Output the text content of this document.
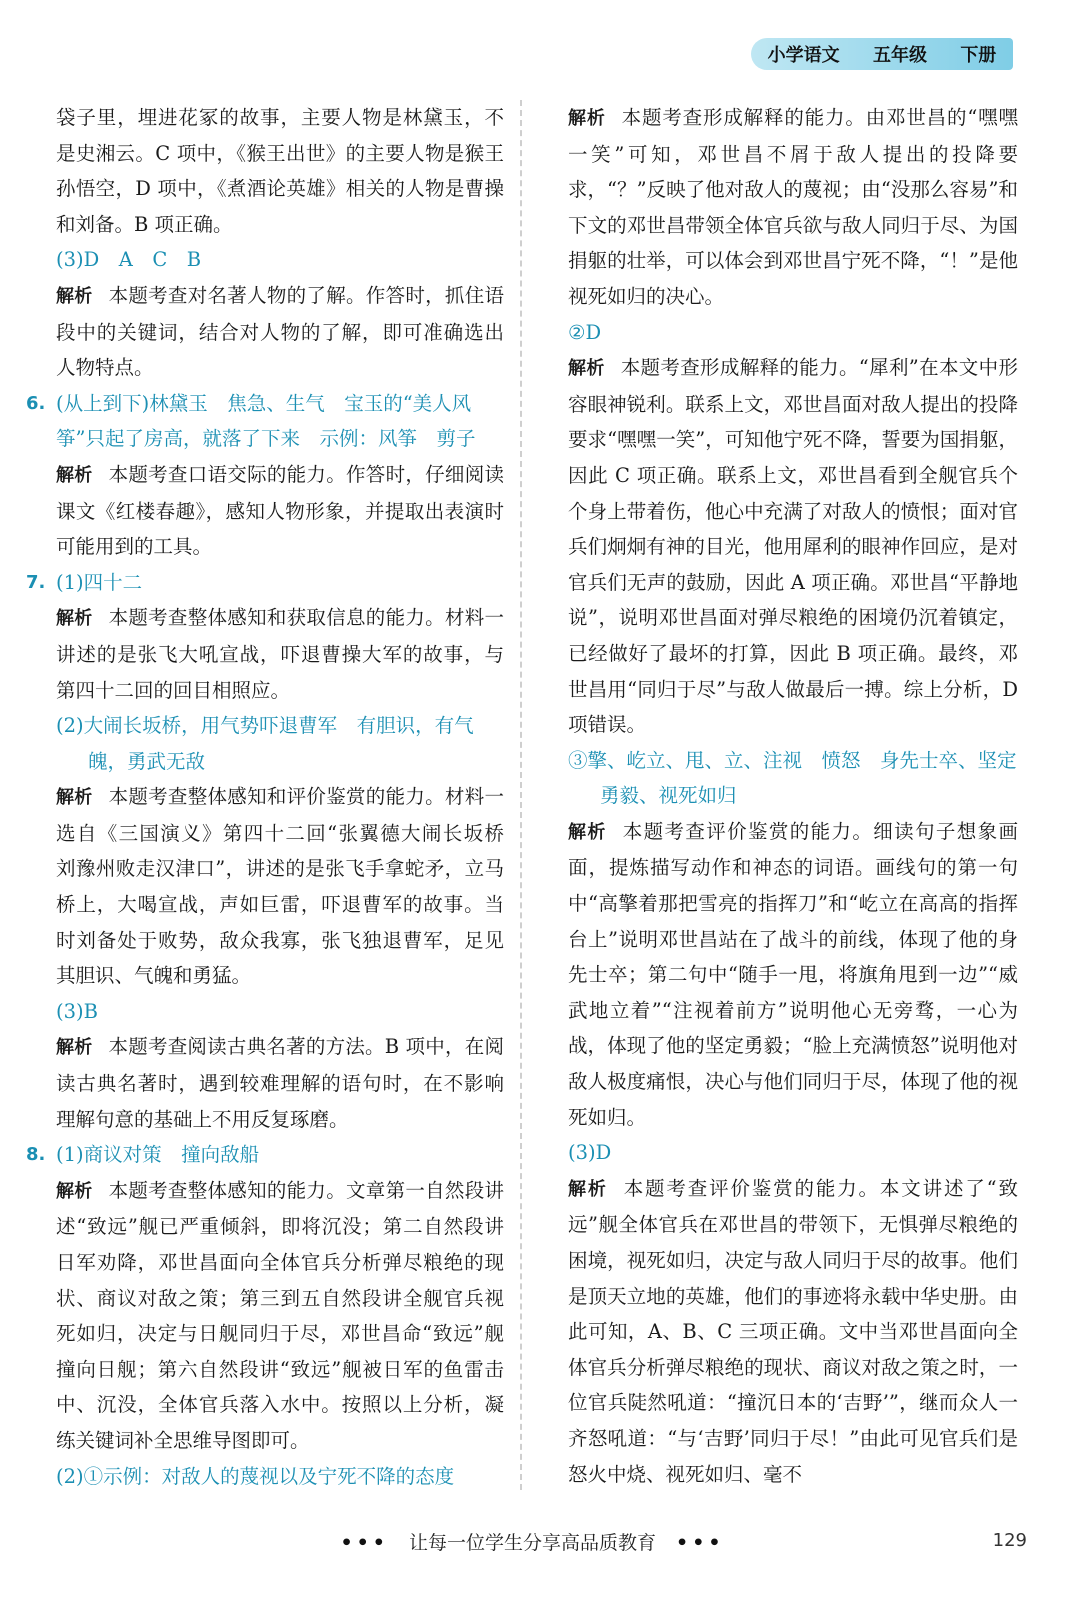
小学语文 五年级 下册
袋子里，埋进花冢的故事，主要人物是林黛玉，不是史湘云。C 项中，《猴王出世》的主要人物是猴王孙悟空，D 项中，《煮酒论英雄》相关的人物是曹操和刘备。B 项正确。
(3)D　A　C　B
解析 本题考查对名著人物的了解。作答时，抓住语段中的关键词，结合对人物的了解，即可准确选出人物特点。
6. (从上到下)林黛玉　焦急、生气　宝玉的“美人风筝”只起了房高，就落了下来　示例：风筝　剪子
解析 本题考查口语交际的能力。作答时，仔细阅读课文《红楼春趣》，感知人物形象，并提取出表演时可能用到的工具。
7. (1)四十二
解析 本题考查整体感知和获取信息的能力。材料一讲述的是张飞大吼宣战，吓退曹操大军的故事，与第四十二回的回目相照应。
(2)大闹长坂桥，用气势吓退曹军　有胆识，有气魄，勇武无敌
解析 本题考查整体感知和评价鉴赏的能力。材料一选自《三国演义》第四十二回“张翼德大闹长坂桥　刘豫州败走汉津口”，讲述的是张飞手拿蛇矛，立马桥上，大喝宣战，声如巨雷，吓退曹军的故事。当时刘备处于败势，敌众我寡，张飞独退曹军，足见其胆识、气魄和勇猛。
(3)B
解析 本题考查阅读古典名著的方法。B 项中，在阅读古典名著时，遇到较难理解的语句时，在不影响理解句意的基础上不用反复琢磨。
8. (1)商议对策　撞向敌船
解析 本题考查整体感知的能力。文章第一自然段讲述“致远”舰已严重倾斜，即将沉没；第二自然段讲日军劝降，邓世昌面向全体官兵分析弹尽粮绝的现状、商议对敌之策；第三到五自然段讲全舰官兵视死如归，决定与日舰同归于尽，邓世昌命“致远”舰撞向日舰；第六自然段讲“致远”舰被日军的鱼雷击中、沉没，全体官兵落入水中。按照以上分析，凝练关键词补全思维导图即可。
(2)①示例：对敌人的蔑视以及宁死不降的态度
解析 本题考查形成解释的能力。由邓世昌的“嘿嘿一笑”可知，邓世昌不屑于敌人提出的投降要求，“？”反映了他对敌人的蔑视；由“没那么容易”和下文的邓世昌带领全体官兵欲与敌人同归于尽、为国捐躯的壮举，可以体会到邓世昌宁死不降，“！”是他视死如归的决心。
②D
解析 本题考查形成解释的能力。“犀利”在本文中形容眼神锐利。联系上文，邓世昌面对敌人提出的投降要求“嘿嘿一笑”，可知他宁死不降，誓要为国捐躯，因此 C 项正确。联系上文，邓世昌看到全舰官兵个个身上带着伤，他心中充满了对敌人的愤恨；面对官兵们炯炯有神的目光，他用犀利的眼神作回应，是对官兵们无声的鼓励，因此 A 项正确。邓世昌“平静地说”，说明邓世昌面对弹尽粮绝的困境仍沉着镇定，已经做好了最坏的打算，因此 B 项正确。最终，邓世昌用“同归于尽”与敌人做最后一搏。综上分析，D 项错误。
③擎、屹立、甩、立、注视　愤怒　身先士卒、坚定勇毅、视死如归
解析 本题考查评价鉴赏的能力。细读句子想象画面，提炼描写动作和神态的词语。画线句的第一句中“高擎着那把雪亮的指挥刀”和“屹立在高高的指挥台上”说明邓世昌站在了战斗的前线，体现了他的身先士卒；第二句中“随手一甩，将旗角甩到一边”“威武地立着”“注视着前方”说明他心无旁骛，一心为战，体现了他的坚定勇毅；“脸上充满愤怒”说明他对敌人极度痛恨，决心与他们同归于尽，体现了他的视死如归。
(3)D
解析 本题考查评价鉴赏的能力。本文讲述了“致远”舰全体官兵在邓世昌的带领下，无惧弹尽粮绝的困境，视死如归，决定与敌人同归于尽的故事。他们是顶天立地的英雄，他们的事迹将永载中华史册。由此可知，A、B、C 三项正确。文中当邓世昌面向全体官兵分析弹尽粮绝的现状、商议对敌之策之时，一位官兵陡然吼道：“撞沉日本的‘吉野’”，继而众人一齐怒吼道：“与‘吉野’同归于尽！”由此可见官兵们是怒火中烧、视死如归、毫不
••• 让每一位学生分享高品质教育 •••	129
